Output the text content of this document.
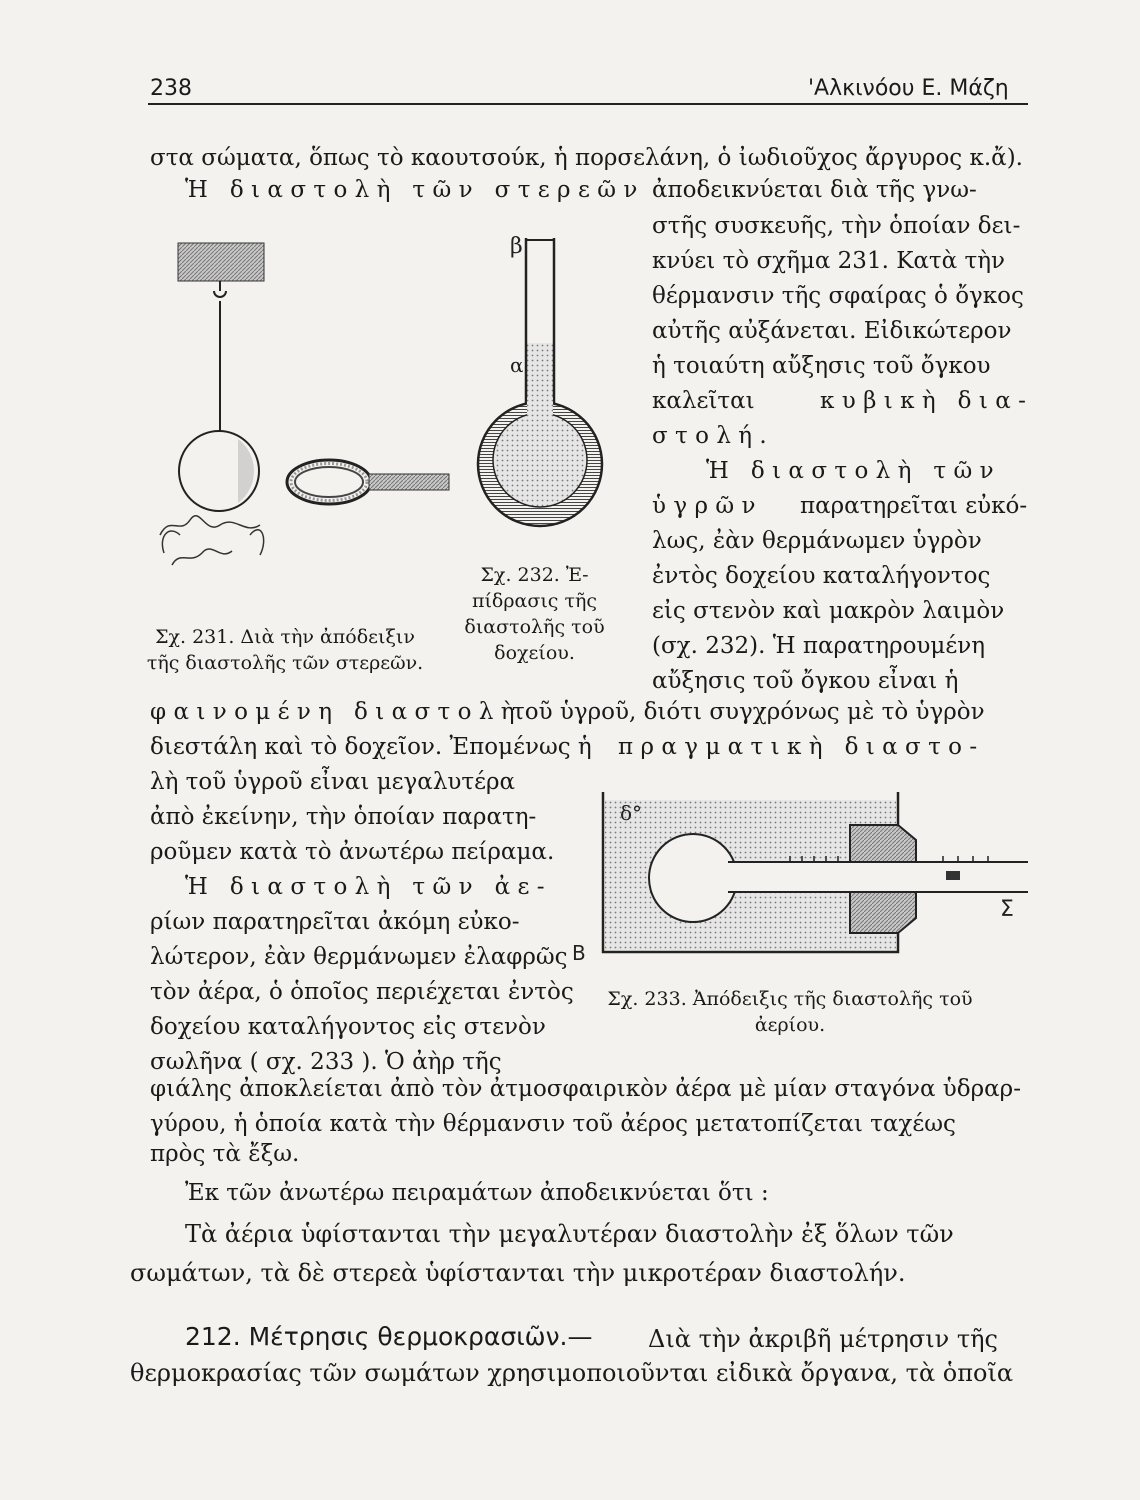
238	'Αλκινόου Ε. Μάζη
στα σώματα, ὅπως τὸ καουτσούκ, ἡ πορσελάνη, ὁ ἰωδιοῦχος ἄργυρος κ.ἄ).
Ἡ διαστολὴ τῶν στερεῶν ἀποδεικνύεται διὰ τῆς γνω-
στῆς συσκευῆς, τὴν ὁποίαν δει-
κνύει τὸ σχῆμα 231. Κατὰ τὴν
θέρμανσιν τῆς σφαίρας ὁ ὄγκος
αὐτῆς αὐξάνεται. Εἰδικώτερον
ἡ τοιαύτη αὔξησις τοῦ ὄγκου
καλεῖται	κυβικὴ δια-
στολή.
Ἡ διαστολὴ τῶν
ὑγρῶν παρατηρεῖται εὐκό-
λως, ἐὰν θερμάνωμεν ὑγρὸν
ἐντὸς δοχείου καταλήγοντος
εἰς στενὸν καὶ μακρὸν λαιμὸν
(σχ. 232). Ἡ παρατηρουμένη
αὔξησις τοῦ ὄγκου εἶναι ἡ
Σχ. 231. Διὰ τὴν ἀπόδειξιν τῆς διαστολῆς τῶν στερεῶν.
β
α
Σχ. 232. Ἐ- πίδρασις τῆς διαστολῆς τοῦ δοχείου.
φαινομένη διαστολὴ
τοῦ ὑγροῦ, διότι συγχρόνως μὲ τὸ ὑγρὸν
διεστάλη καὶ τὸ δοχεῖον. Ἐπομένως ἡ πραγματικὴ διαστο-
λὴ τοῦ ὑγροῦ εἶναι μεγαλυτέρα
ἀπὸ ἐκείνην, τὴν ὁποίαν παρατη-
ροῦμεν κατὰ τὸ ἀνωτέρω πείραμα.
Ἡ διαστολὴ τῶν ἀε-
ρίων παρατηρεῖται ἀκόμη εὐκο-
λώτερον, ἐὰν θερμάνωμεν ἐλαφρῶς
τὸν ἀέρα, ὁ ὁποῖος περιέχεται ἐντὸς
δοχείου καταλήγοντος εἰς στενὸν
σωλῆνα ( σχ. 233 ). Ὁ ἀὴρ τῆς
δ°
Β
Σ
Σχ. 233. Ἀπόδειξις τῆς διαστολῆς τοῦ ἀερίου.
φιάλης ἀποκλείεται ἀπὸ τὸν ἀτμοσφαιρικὸν ἀέρα μὲ μίαν σταγόνα ὑδραρ-
γύρου, ἡ ὁποία κατὰ τὴν θέρμανσιν τοῦ ἀέρος μετατοπίζεται ταχέως
πρὸς τὰ ἔξω.
Ἐκ τῶν ἀνωτέρω πειραμάτων ἀποδεικνύεται ὅτι :
Τὰ ἀέρια ὑφίστανται τὴν μεγαλυτέραν διαστολὴν ἐξ ὅλων τῶν
σωμάτων, τὰ δὲ στερεὰ ὑφίστανται τὴν μικροτέραν διαστολήν.
212. Μέτρησις θερμοκρασιῶν.— Διὰ τὴν ἀκριβῆ μέτρησιν τῆς
θερμοκρασίας τῶν σωμάτων χρησιμοποιοῦνται εἰδικὰ ὄργανα, τὰ ὁποῖα
